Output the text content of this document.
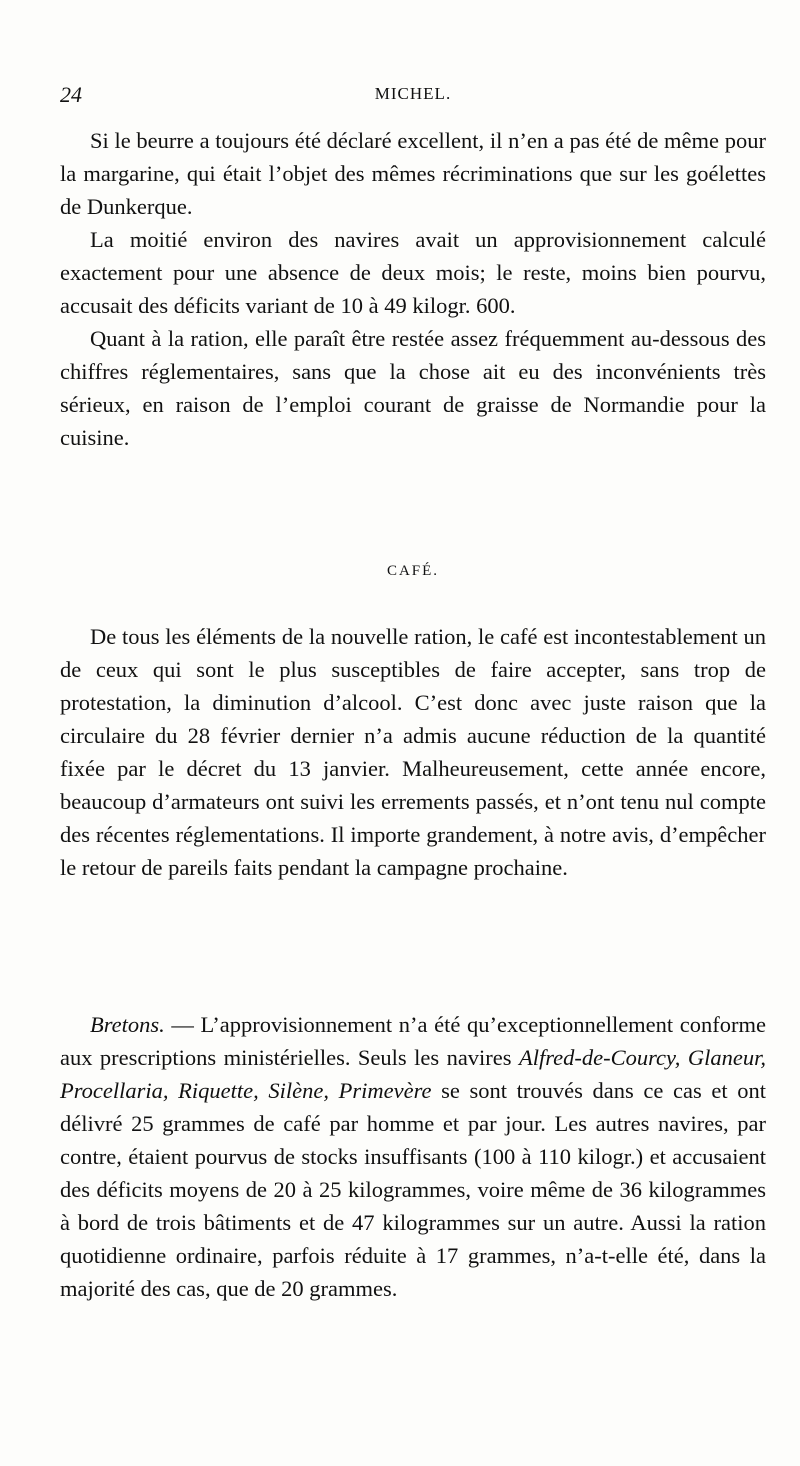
24	MICHEL.

Si le beurre a toujours été déclaré excellent, il n’en a pas été de même pour la margarine, qui était l’objet des mêmes récriminations que sur les goélettes de Dunkerque.

La moitié environ des navires avait un approvisionnement calculé exactement pour une absence de deux mois; le reste, moins bien pourvu, accusait des déficits variant de 10 à 49 kilogr. 600.

Quant à la ration, elle paraît être restée assez fréquemment au-dessous des chiffres réglementaires, sans que la chose ait eu des inconvénients très sérieux, en raison de l’emploi courant de graisse de Normandie pour la cuisine.

CAFÉ.

De tous les éléments de la nouvelle ration, le café est incontestablement un de ceux qui sont le plus susceptibles de faire accepter, sans trop de protestation, la diminution d’alcool. C’est donc avec juste raison que la circulaire du 28 février dernier n’a admis aucune réduction de la quantité fixée par le décret du 13 janvier. Malheureusement, cette année encore, beaucoup d’armateurs ont suivi les errements passés, et n’ont tenu nul compte des récentes réglementations. Il importe grandement, à notre avis, d’empêcher le retour de pareils faits pendant la campagne prochaine.

Bretons. — L’approvisionnement n’a été qu’exceptionnellement conforme aux prescriptions ministérielles. Seuls les navires Alfred-de-Courcy, Glaneur, Procellaria, Riquette, Silène, Primevère se sont trouvés dans ce cas et ont délivré 25 grammes de café par homme et par jour. Les autres navires, par contre, étaient pourvus de stocks insuffisants (100 à 110 kilogr.) et accusaient des déficits moyens de 20 à 25 kilogrammes, voire même de 36 kilogrammes à bord de trois bâtiments et de 47 kilogrammes sur un autre. Aussi la ration quotidienne ordinaire, parfois réduite à 17 grammes, n’a-t-elle été, dans la majorité des cas, que de 20 grammes.
